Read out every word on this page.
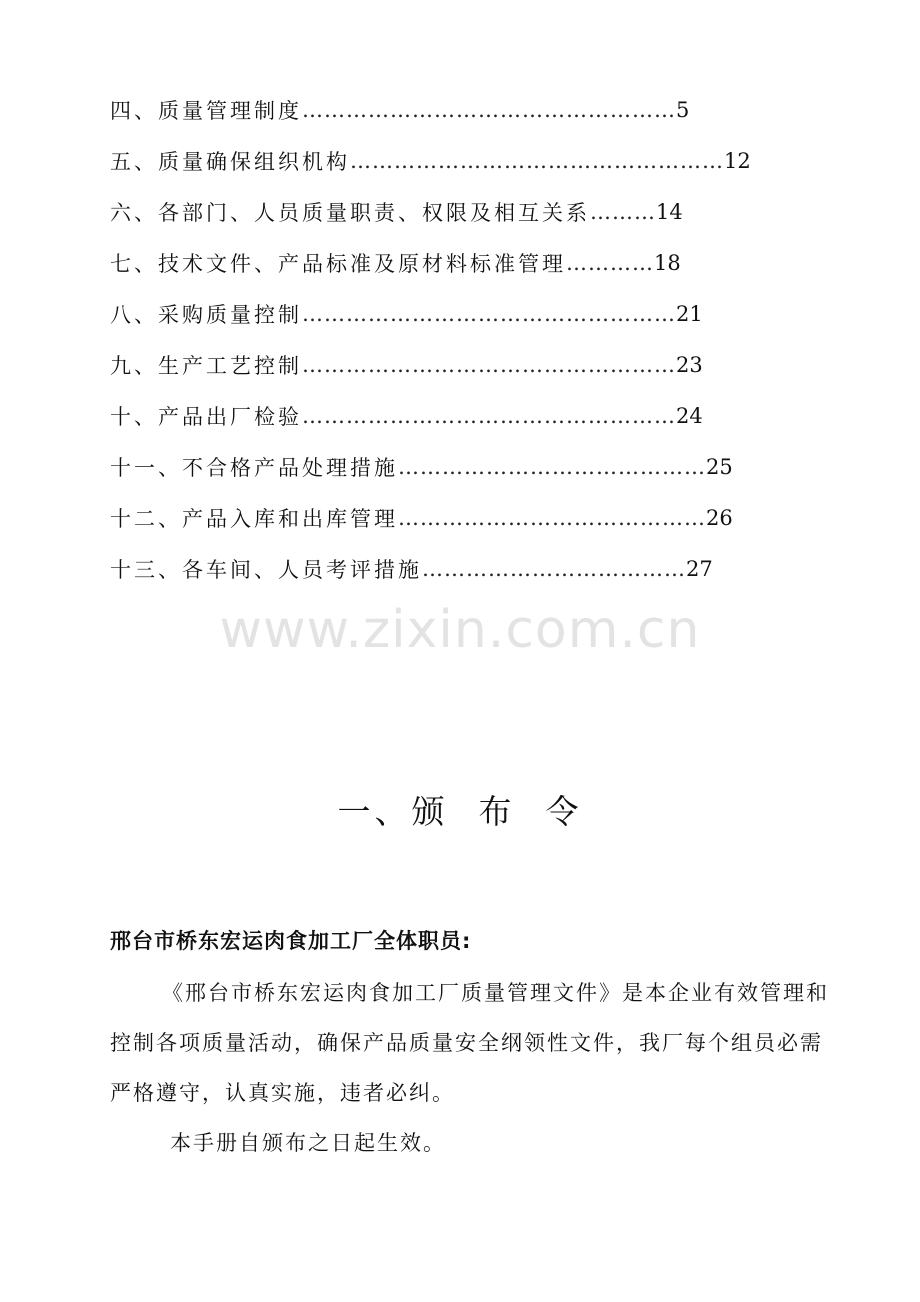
四、质量管理制度 …………………………………………… 5
五、质量确保组织机构 …………………………………………… 12
六、各部门、人员质量职责、权限及相互关系 ……… 14
七、技术文件、产品标准及原材料标准管理 ………… 18
八、采购质量控制 …………………………………………… 21
九、生产工艺控制 …………………………………………… 23
十、产品出厂检验 …………………………………………… 24
十一、不合格产品处理措施 …………………………………… 25
十二、产品入库和出库管理 …………………………………… 26
十三、各车间、人员考评措施 ……………………………… 27
www.zixin.com.cn
一、颁 布 令
邢台市桥东宏运肉食加工厂全体职员:
《邢台市桥东宏运肉食加工厂质量管理文件》是本企业有效管理和控制各项质量活动，确保产品质量安全纲领性文件，我厂每个组员必需严格遵守，认真实施，违者必纠。
本手册自颁布之日起生效。
